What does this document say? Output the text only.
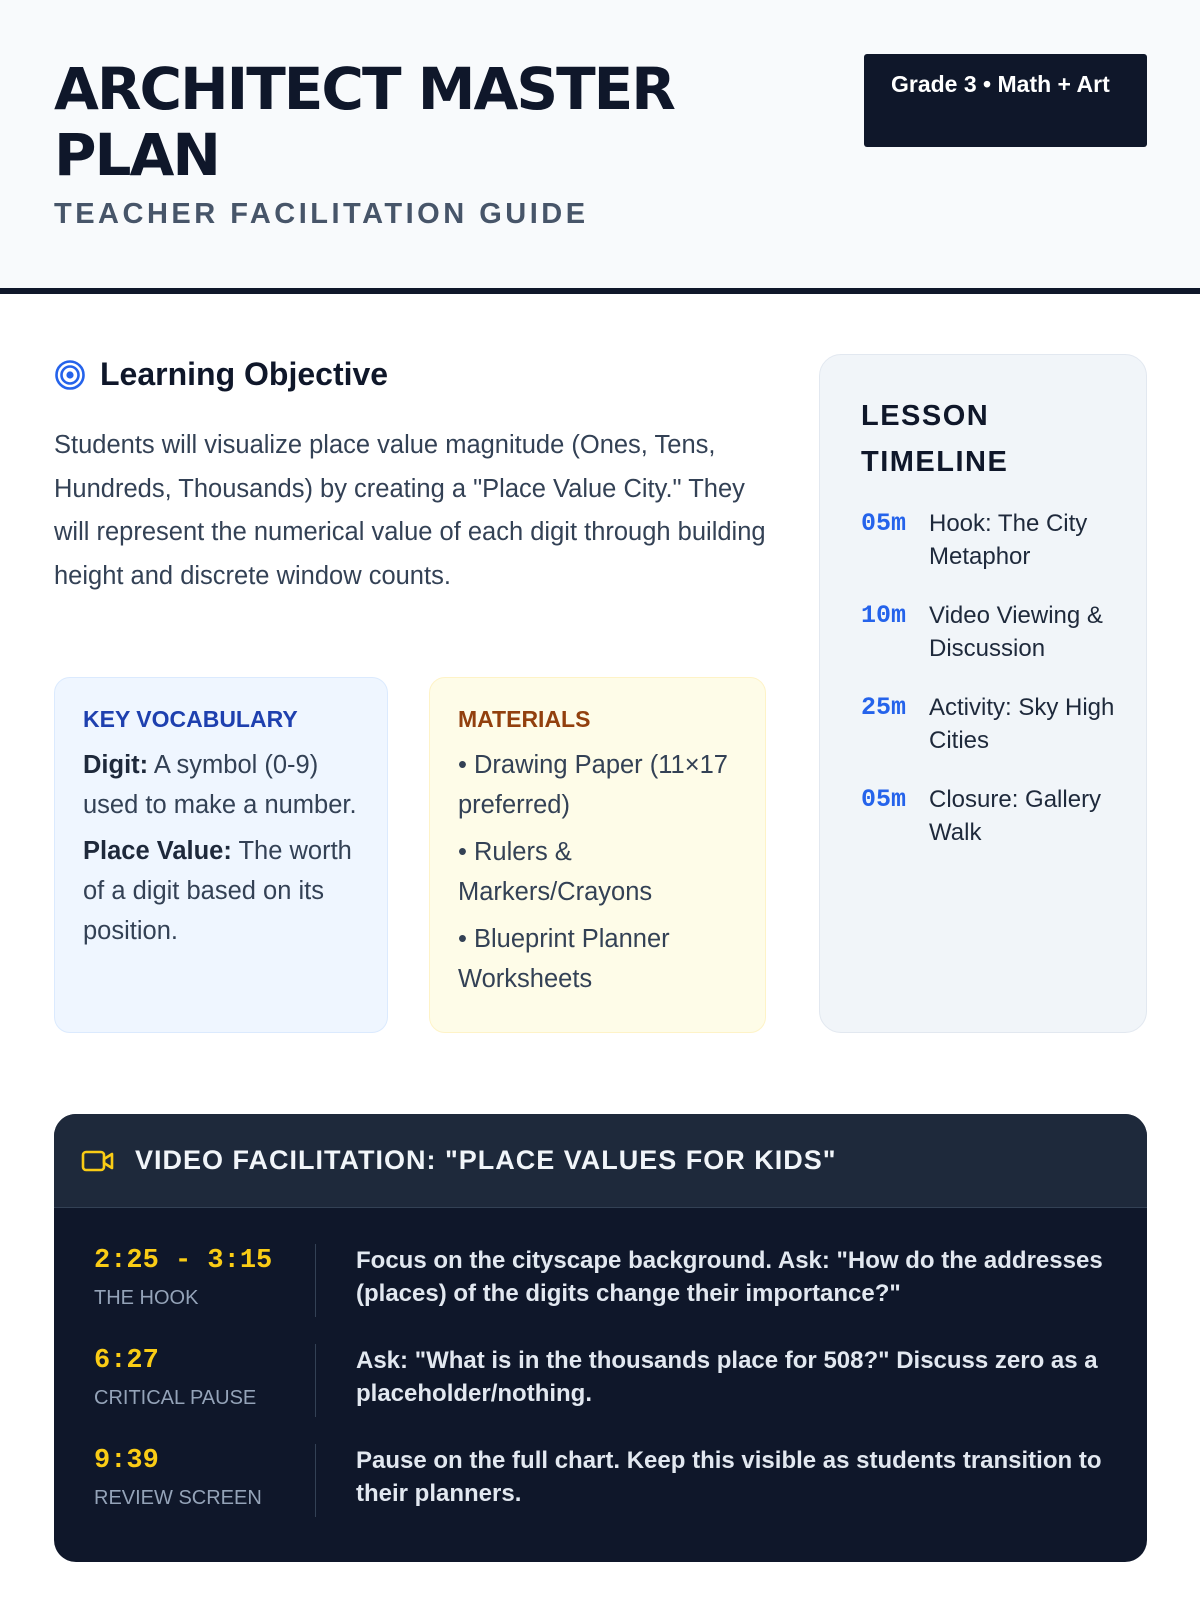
ARCHITECT MASTER PLAN
TEACHER FACILITATION GUIDE
Grade 3 • Math + Art
Learning Objective
Students will visualize place value magnitude (Ones, Tens, Hundreds, Thousands) by creating a "Place Value City." They will represent the numerical value of each digit through building height and discrete window counts.
KEY VOCABULARY
Digit: A symbol (0-9) used to make a number.
Place Value: The worth of a digit based on its position.
MATERIALS
• Drawing Paper (11×17 preferred)
• Rulers & Markers/Crayons
• Blueprint Planner Worksheets
LESSON TIMELINE
05m Hook: The City Metaphor
10m Video Viewing & Discussion
25m Activity: Sky High Cities
05m Closure: Gallery Walk
VIDEO FACILITATION: "PLACE VALUES FOR KIDS"
2:25 - 3:15
THE HOOK
Focus on the cityscape background. Ask: "How do the addresses (places) of the digits change their importance?"
6:27
CRITICAL PAUSE
Ask: "What is in the thousands place for 508?" Discuss zero as a placeholder/nothing.
9:39
REVIEW SCREEN
Pause on the full chart. Keep this visible as students transition to their planners.
